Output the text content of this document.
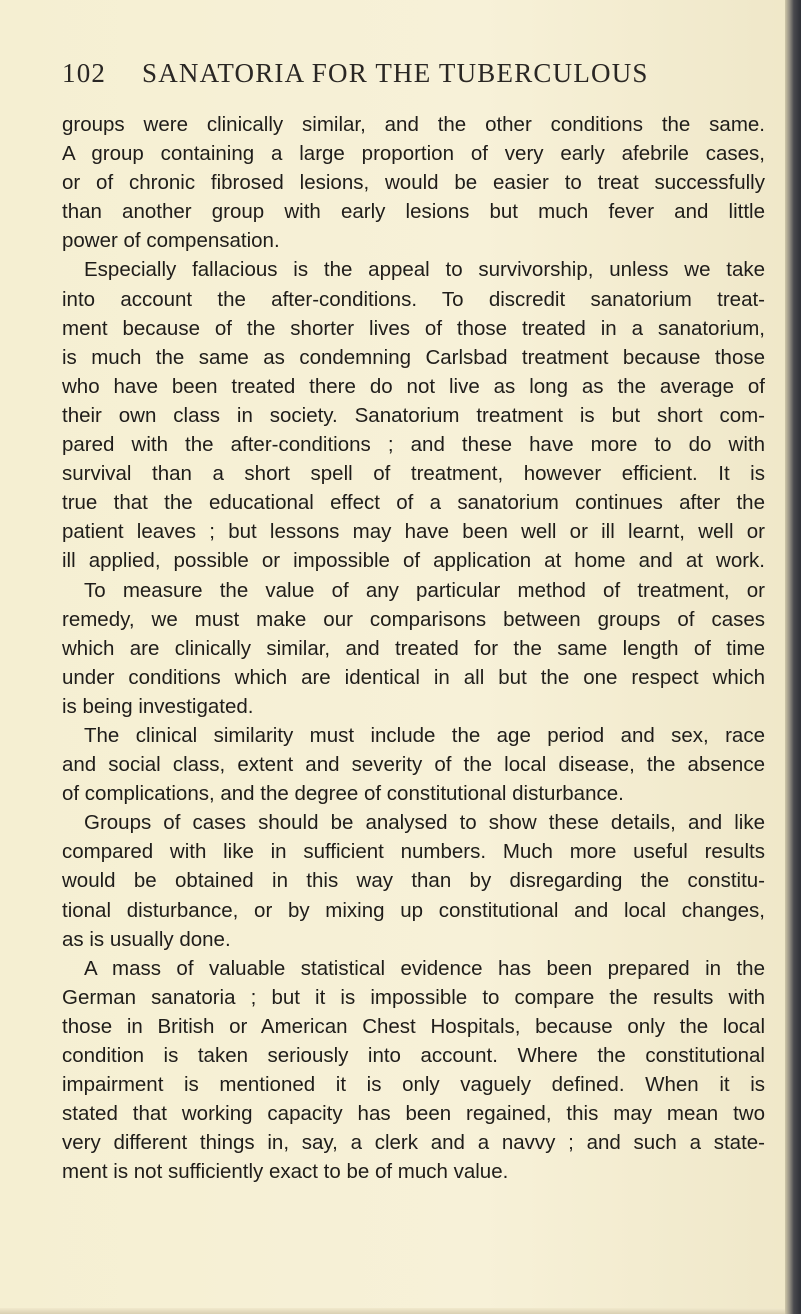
102 SANATORIA FOR THE TUBERCULOUS
groups were clinically similar, and the other conditions the same.
A group containing a large proportion of very early afebrile cases,
or of chronic fibrosed lesions, would be easier to treat successfully
than another group with early lesions but much fever and little
power of compensation.
Especially fallacious is the appeal to survivorship, unless we take
into account the after-conditions. To discredit sanatorium treat-
ment because of the shorter lives of those treated in a sanatorium,
is much the same as condemning Carlsbad treatment because those
who have been treated there do not live as long as the average of
their own class in society. Sanatorium treatment is but short com-
pared with the after-conditions ; and these have more to do with
survival than a short spell of treatment, however efficient. It is
true that the educational effect of a sanatorium continues after the
patient leaves ; but lessons may have been well or ill learnt, well or
ill applied, possible or impossible of application at home and at work.
To measure the value of any particular method of treatment, or
remedy, we must make our comparisons between groups of cases
which are clinically similar, and treated for the same length of time
under conditions which are identical in all but the one respect which
is being investigated.
The clinical similarity must include the age period and sex, race
and social class, extent and severity of the local disease, the absence
of complications, and the degree of constitutional disturbance.
Groups of cases should be analysed to show these details, and like
compared with like in sufficient numbers. Much more useful results
would be obtained in this way than by disregarding the constitu-
tional disturbance, or by mixing up constitutional and local changes,
as is usually done.
A mass of valuable statistical evidence has been prepared in the
German sanatoria ; but it is impossible to compare the results with
those in British or American Chest Hospitals, because only the local
condition is taken seriously into account. Where the constitutional
impairment is mentioned it is only vaguely defined. When it is
stated that working capacity has been regained, this may mean two
very different things in, say, a clerk and a navvy ; and such a state-
ment is not sufficiently exact to be of much value.
